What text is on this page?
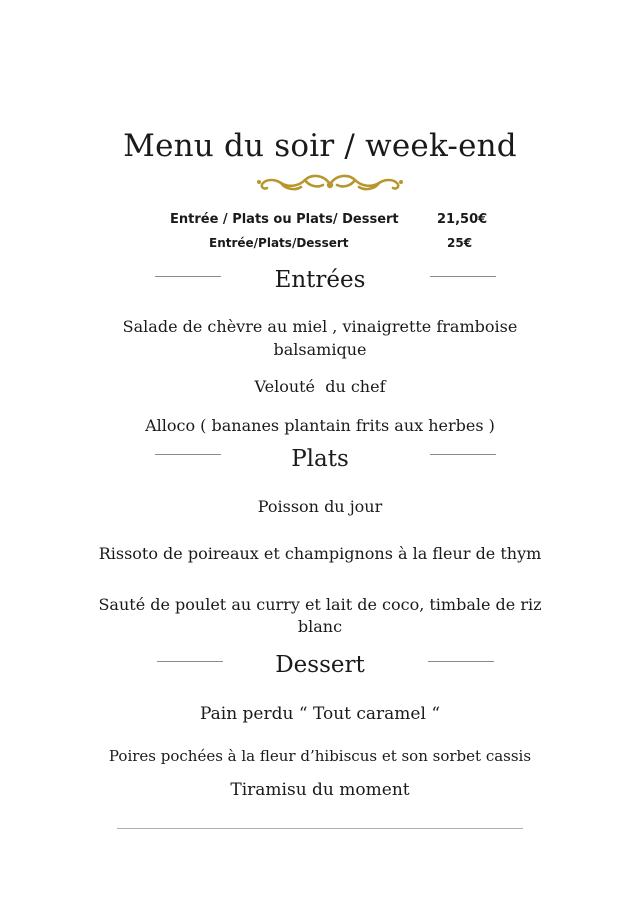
Menu du soir / week-end
Entrée / Plats ou Plats/ Dessert	21,50€
Entrée/Plats/Dessert	25€
Entrées
Salade de chèvre au miel , vinaigrette framboise
balsamique
Velouté  du chef
Alloco ( bananes plantain frits aux herbes )
Plats
Poisson du jour
Rissoto de poireaux et champignons à la fleur de thym
Sauté de poulet au curry et lait de coco, timbale de riz
blanc
Dessert
Pain perdu “ Tout caramel “
Poires pochées à la fleur d’hibiscus et son sorbet cassis
Tiramisu du moment
